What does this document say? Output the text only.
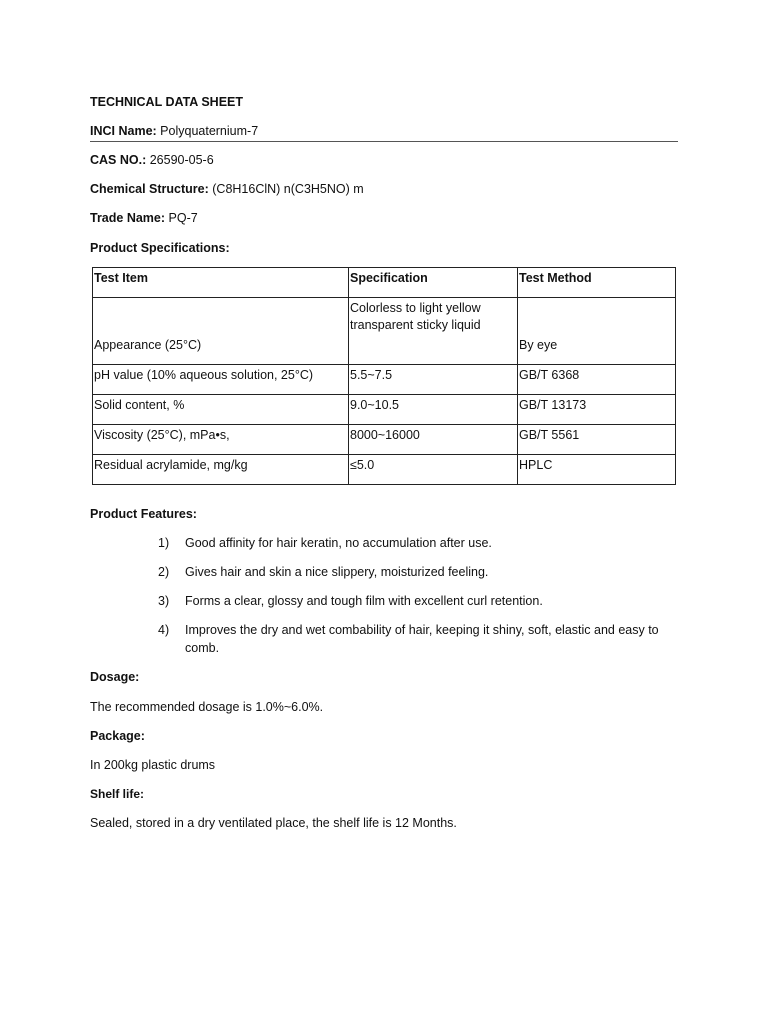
TECHNICAL DATA SHEET
INCI Name: Polyquaternium-7
CAS NO.: 26590-05-6
Chemical Structure: (C8H16ClN) n(C3H5NO) m
Trade Name: PQ-7
Product Specifications:
Test Item	Specification	Test Method
Appearance (25°C)	Colorless to light yellow transparent sticky liquid	By eye
pH value (10% aqueous solution, 25°C)	5.5~7.5	GB/T 6368
Solid content, %	9.0~10.5	GB/T 13173
Viscosity (25°C), mPa•s,	8000~16000	GB/T 5561
Residual acrylamide, mg/kg	≤5.0	HPLC
Product Features:
1) Good affinity for hair keratin, no accumulation after use.
2) Gives hair and skin a nice slippery, moisturized feeling.
3) Forms a clear, glossy and tough film with excellent curl retention.
4) Improves the dry and wet combability of hair, keeping it shiny, soft, elastic and easy to comb.
Dosage:
The recommended dosage is 1.0%~6.0%.
Package:
In 200kg plastic drums
Shelf life:
Sealed, stored in a dry ventilated place, the shelf life is 12 Months.
